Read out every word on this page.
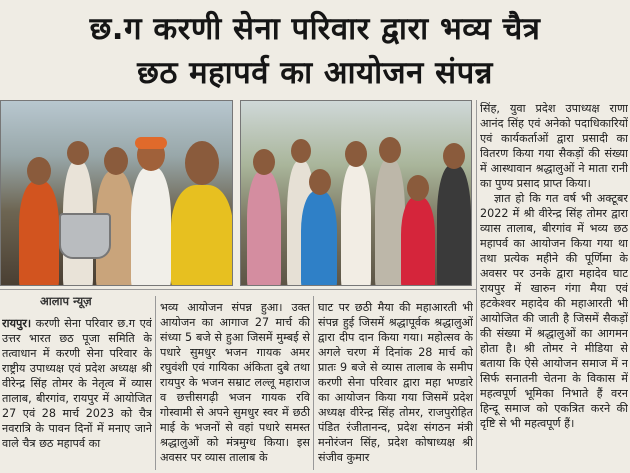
छ.ग करणी सेना परिवार द्वारा भव्य चैत्र
छठ महापर्व का आयोजन संपन्न
आलाप न्यूज़

सिंह, युवा प्रदेश उपाध्यक्ष राणा आनंद सिंह एवं अनेको पदाधिकारियों एवं कार्यकर्ताओं द्वारा प्रसादी का वितरण किया गया सैकड़ों की संख्या में आस्थावान श्रद्धालुओं ने माता रानी का पुण्य प्रसाद प्राप्त किया।

ज्ञात हो कि गत वर्ष भी अक्टूबर 2022 में श्री वीरेन्द्र सिंह तोमर द्वारा व्यास तालाब, बीरगांव में भव्य छठ महापर्व का आयोजन किया गया था तथा प्रत्येक महीने की पूर्णिमा के अवसर पर उनके द्वारा महादेव घाट रायपुर में खारुन गंगा मैया एवं हटकेश्वर महादेव की महाआरती भी आयोजित की जाती है जिसमें सैकड़ों की संख्या में श्रद्धालुओं का आगमन होता है। श्री तोमर ने मीडिया से बताया कि ऐसे आयोजन समाज में न सिर्फ सनातनी चेतना के विकास में महत्वपूर्ण भूमिका निभाते हैं वरन हिन्दू समाज को एकत्रित करने की दृष्टि से भी महत्वपूर्ण हैं।

रायपुर। करणी सेना परिवार छ.ग एवं उत्तर भारत छठ पूजा समिति के तत्वाधान में करणी सेना परिवार के राष्ट्रीय उपाध्यक्ष एवं प्रदेश अध्यक्ष श्री वीरेन्द्र सिंह तोमर के नेतृत्व में व्यास तालाब, बीरगांव, रायपुर में आयोजित 27 एवं 28 मार्च 2023 को चैत्र नवरात्रि के पावन दिनों में मनाए जाने वाले चैत्र छठ महापर्व का

भव्य आयोजन संपन्न हुआ। उक्त आयोजन का आगाज 27 मार्च की संध्या 5 बजे से हुआ जिसमें मुम्बई से पधारे सुमधुर भजन गायक अमर रघुवंशी एवं गायिका अंकिता दुबे तथा रायपुर के भजन सम्राट लल्लू महाराज व छत्तीसगढ़ी भजन गायक रवि गोस्वामी से अपने सुमधुर स्वर में छठी माई के भजनों से वहां पधारे समस्त श्रद्धालुओं को मंत्रमुग्ध किया। इस अवसर पर व्यास तालाब के

घाट पर छठी मैया की महाआरती भी संपन्न हुई जिसमें श्रद्धापूर्वक श्रद्धालुओं द्वारा दीप दान किया गया। महोत्सव के अगले चरण में दिनांक 28 मार्च को प्रातः 9 बजे से व्यास तालाब के समीप करणी सेना परिवार द्वारा महा भण्डारे का आयोजन किया गया जिसमें प्रदेश अध्यक्ष वीरेन्द्र सिंह तोमर, राजपुरोहित पंडित रंजीतानन्द, प्रदेश संगठन मंत्री मनोरंजन सिंह, प्रदेश कोषाध्यक्ष श्री संजीव कुमार
